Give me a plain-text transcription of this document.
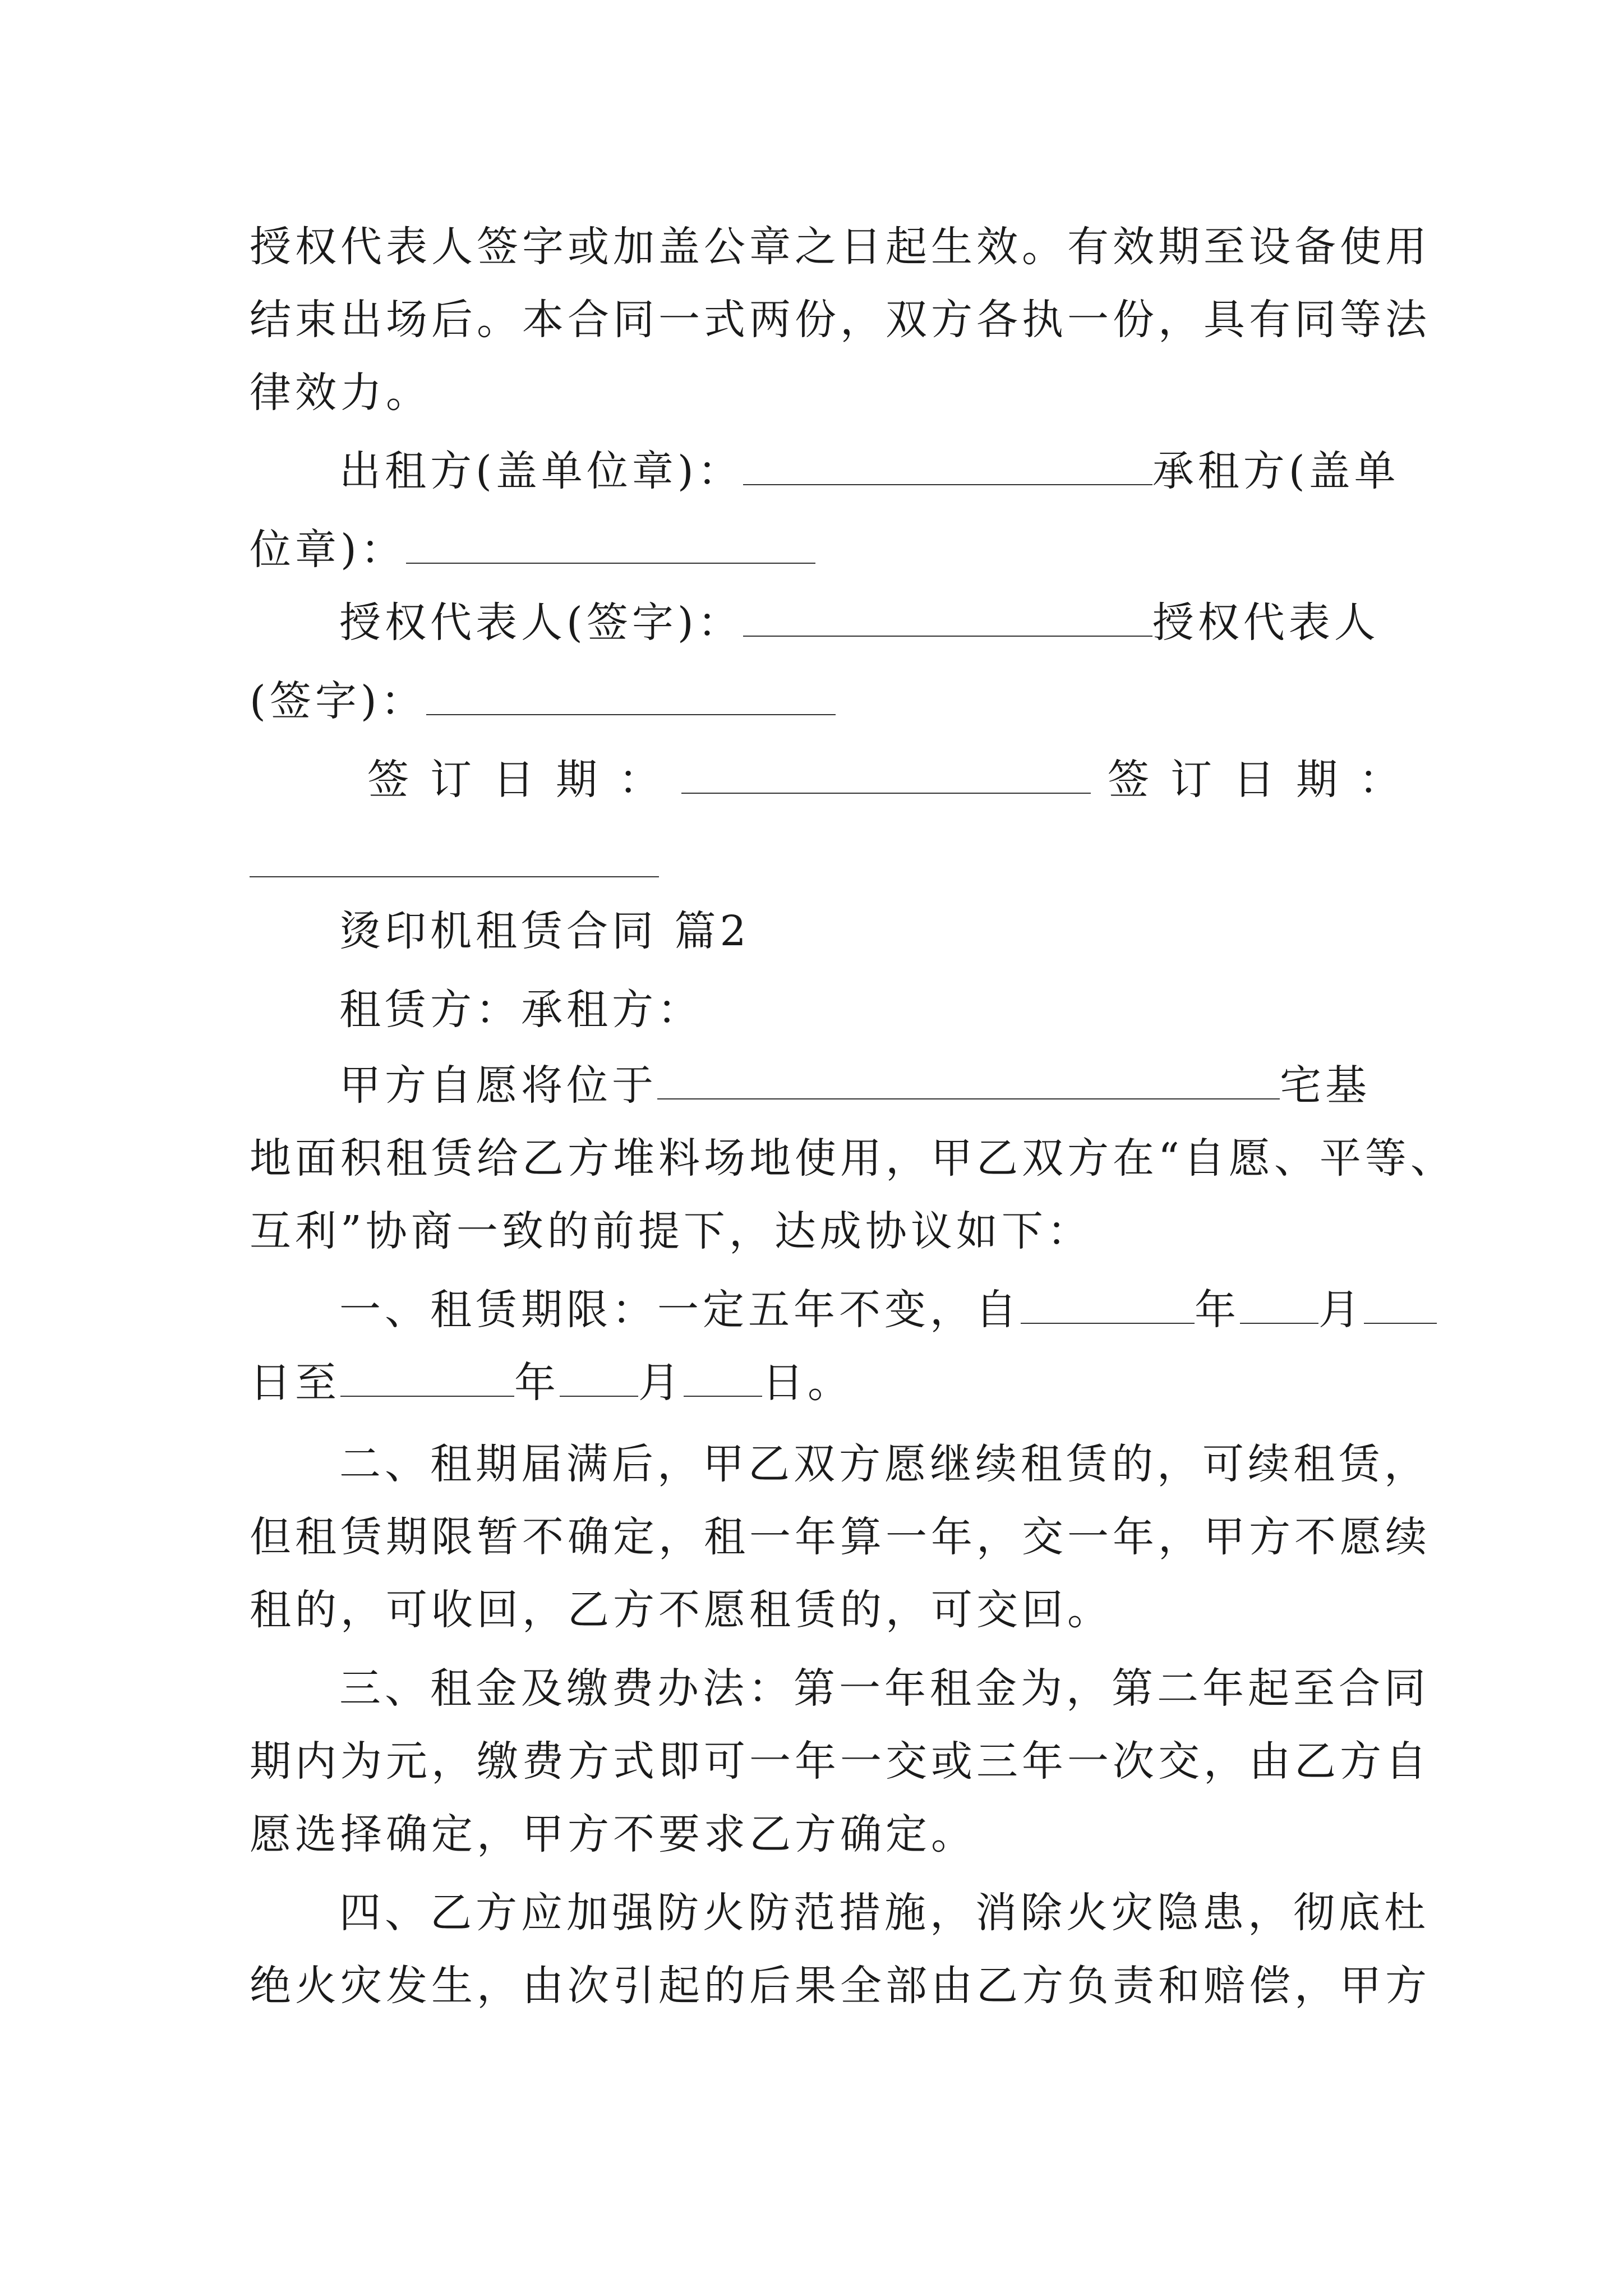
授权代表人签字或加盖公章之日起生效。有效期至设备使用
结束出场后。本合同一式两份，双方各执一份，具有同等法
律效力。
出租方(盖单位章)：	承租方(盖单
位章)：
授权代表人(签字)：	授权代表人
(签字)：
签订日期：	签订日期：
烫印机租赁合同 篇2
租赁方：承租方：
甲方自愿将位于	宅基
地面积租赁给乙方堆料场地使用，甲乙双方在“自愿、平等、
互利”协商一致的前提下，达成协议如下：
一、租赁期限：一定五年不变，自	年 月
日至	年 月 日。
二、租期届满后，甲乙双方愿继续租赁的，可续租赁，
但租赁期限暂不确定，租一年算一年，交一年，甲方不愿续
租的，可收回，乙方不愿租赁的，可交回。
三、租金及缴费办法：第一年租金为，第二年起至合同
期内为元，缴费方式即可一年一交或三年一次交，由乙方自
愿选择确定，甲方不要求乙方确定。
四、乙方应加强防火防范措施，消除火灾隐患，彻底杜
绝火灾发生，由次引起的后果全部由乙方负责和赔偿，甲方
